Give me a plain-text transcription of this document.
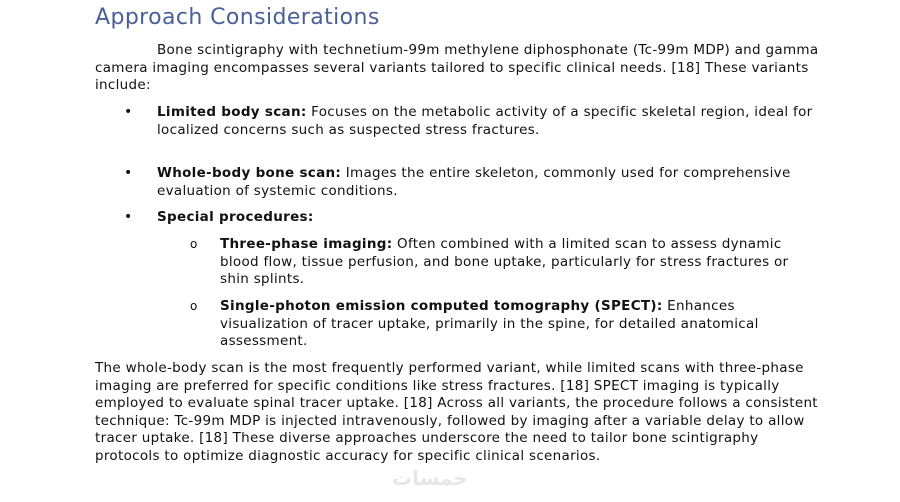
Approach Considerations
Bone scintigraphy with technetium-99m methylene diphosphonate (Tc-99m MDP) and gamma camera imaging encompasses several variants tailored to specific clinical needs. [18] These variants include:
• Limited body scan: Focuses on the metabolic activity of a specific skeletal region, ideal for localized concerns such as suspected stress fractures.
• Whole-body bone scan: Images the entire skeleton, commonly used for comprehensive evaluation of systemic conditions.
• Special procedures:
o Three-phase imaging: Often combined with a limited scan to assess dynamic blood flow, tissue perfusion, and bone uptake, particularly for stress fractures or shin splints.
o Single-photon emission computed tomography (SPECT): Enhances visualization of tracer uptake, primarily in the spine, for detailed anatomical assessment.
The whole-body scan is the most frequently performed variant, while limited scans with three-phase imaging are preferred for specific conditions like stress fractures. [18] SPECT imaging is typically employed to evaluate spinal tracer uptake. [18] Across all variants, the procedure follows a consistent technique: Tc-99m MDP is injected intravenously, followed by imaging after a variable delay to allow tracer uptake. [18] These diverse approaches underscore the need to tailor bone scintigraphy protocols to optimize diagnostic accuracy for specific clinical scenarios.
خمسات
